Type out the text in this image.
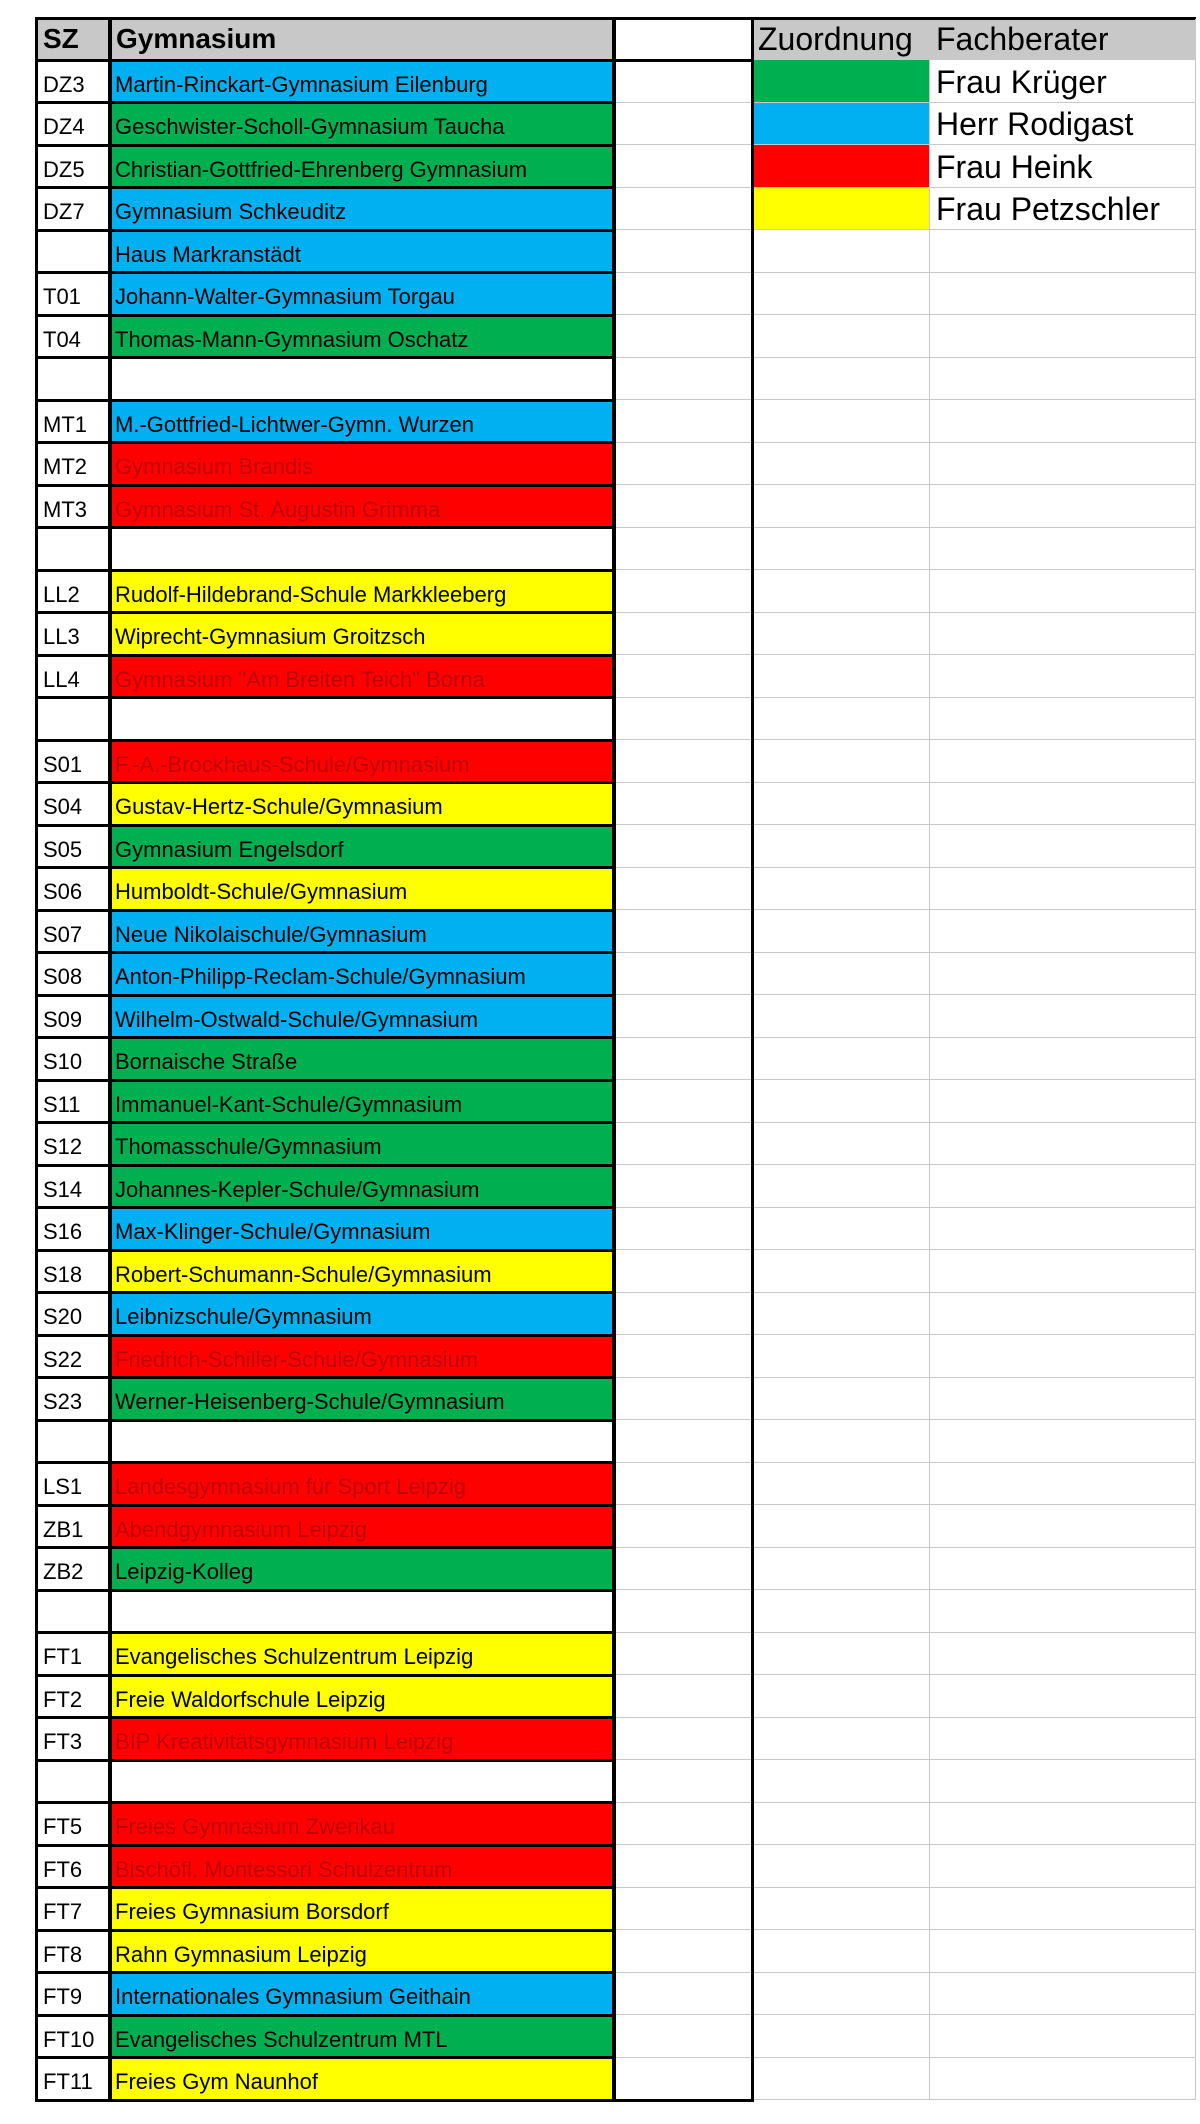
SZ Gymnasium	Zuordnung Fachberater
DZ3 Martin-Rinckart-Gymnasium Eilenburg	Frau Krüger
DZ4 Geschwister-Scholl-Gymnasium Taucha	Herr Rodigast
DZ5 Christian-Gottfried-Ehrenberg Gymnasium	Frau Heink
DZ7 Gymnasium Schkeuditz	Frau Petzschler
Haus Markranstädt
T01 Johann-Walter-Gymnasium Torgau
T04 Thomas-Mann-Gymnasium Oschatz
MT1 M.-Gottfried-Lichtwer-Gymn. Wurzen
MT2 Gymnasium Brandis
MT3 Gymnasium St. Augustin Grimma
LL2 Rudolf-Hildebrand-Schule Markkleeberg
LL3 Wiprecht-Gymnasium Groitzsch
LL4 Gymnasium "Am Breiten Teich" Borna
S01 F.-A.-Brockhaus-Schule/Gymnasium
S04 Gustav-Hertz-Schule/Gymnasium
S05 Gymnasium Engelsdorf
S06 Humboldt-Schule/Gymnasium
S07 Neue Nikolaischule/Gymnasium
S08 Anton-Philipp-Reclam-Schule/Gymnasium
S09 Wilhelm-Ostwald-Schule/Gymnasium
S10 Bornaische Straße
S11 Immanuel-Kant-Schule/Gymnasium
S12 Thomasschule/Gymnasium
S14 Johannes-Kepler-Schule/Gymnasium
S16 Max-Klinger-Schule/Gymnasium
S18 Robert-Schumann-Schule/Gymnasium
S20 Leibnizschule/Gymnasium
S22 Friedrich-Schiller-Schule/Gymnasium
S23 Werner-Heisenberg-Schule/Gymnasium
LS1 Landesgymnasium für Sport Leipzig
ZB1 Abendgymnasium Leipzig
ZB2 Leipzig-Kolleg
FT1 Evangelisches Schulzentrum Leipzig
FT2 Freie Waldorfschule Leipzig
FT3 BIP Kreativitätsgymnasium Leipzig
FT5 Freies Gymnasium Zwenkau
FT6 Bischöfl. Montessori Schulzentrum
FT7 Freies Gymnasium Borsdorf
FT8 Rahn Gymnasium Leipzig
FT9 Internationales Gymnasium Geithain
FT10 Evangelisches Schulzentrum MTL
FT11 Freies Gym Naunhof
